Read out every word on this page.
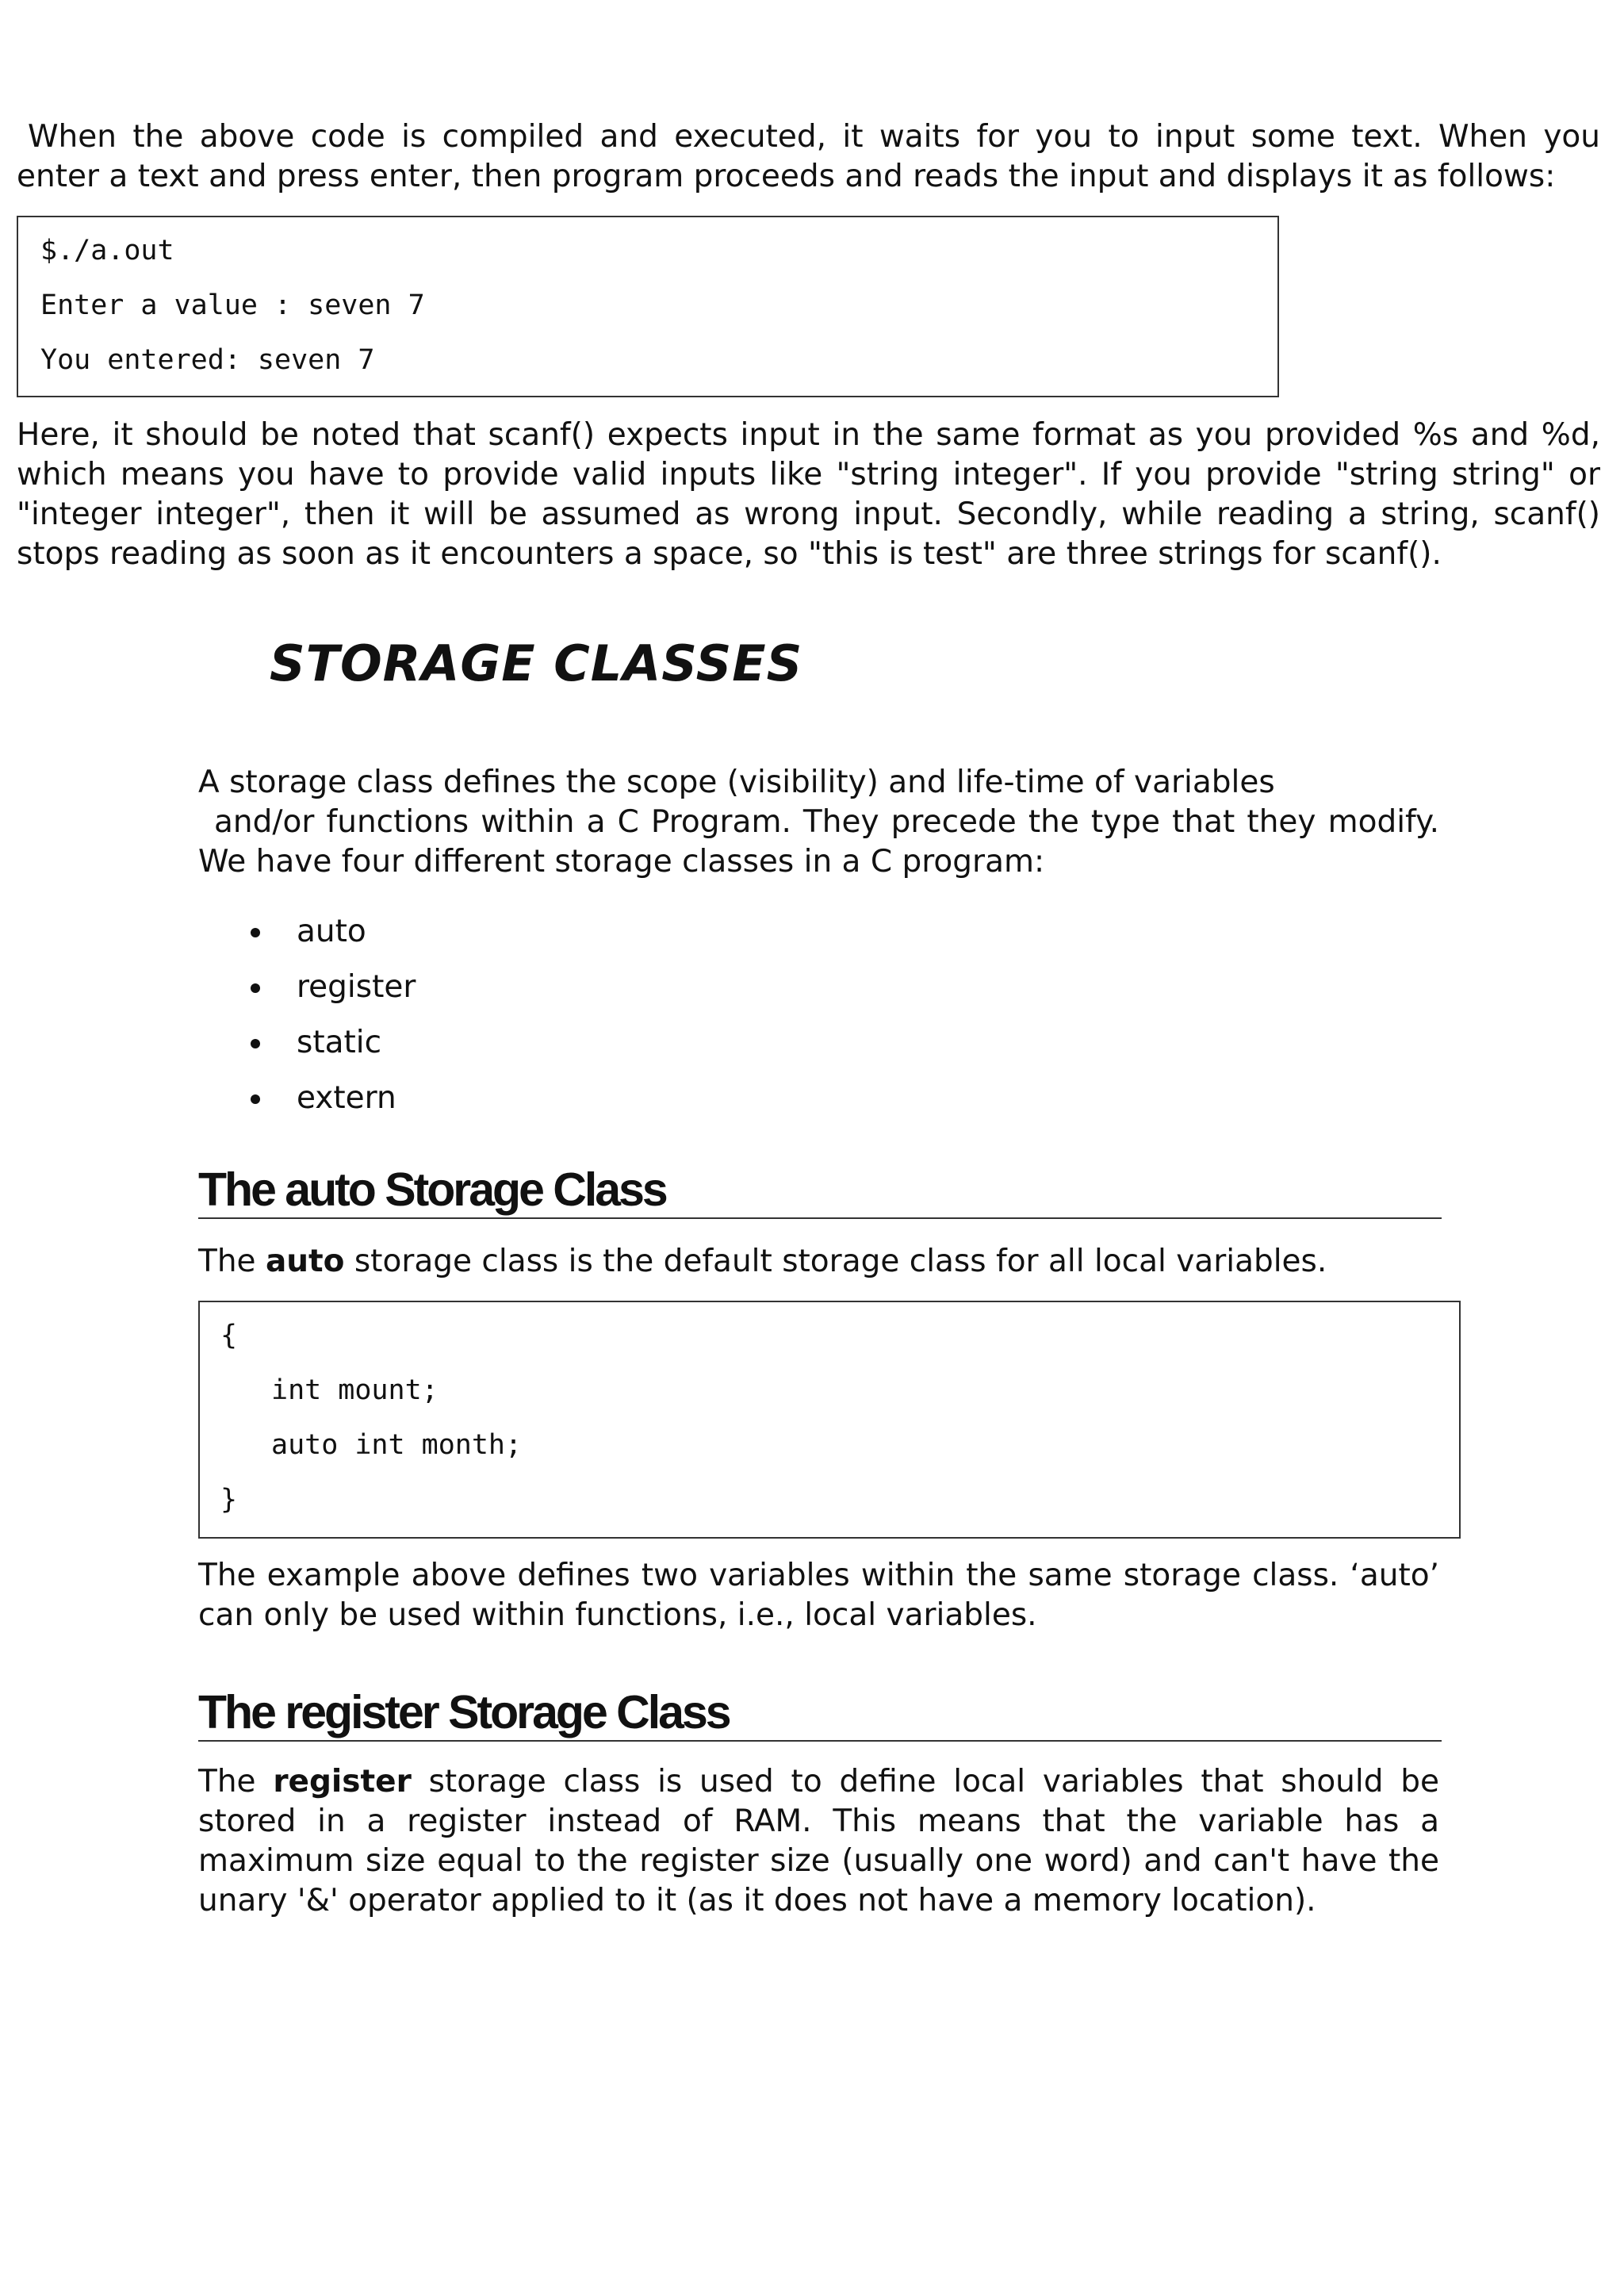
When the above code is compiled and executed, it waits for you to input some text. When you
enter a text and press enter, then program proceeds and reads the input and displays it as follows:

$./a.out
Enter a value : seven 7
You entered: seven 7

Here, it should be noted that scanf() expects input in the same format as you provided %s and %d, which means you have to provide valid inputs like "string integer". If you provide "string string" or "integer integer", then it will be assumed as wrong input. Secondly, while reading a string, scanf() stops reading as soon as it encounters a space, so "this is test" are three strings for scanf().

STORAGE CLASSES

A storage class defines the scope (visibility) and life-time of variables
and/or functions within a C Program. They precede the type that they modify.
We have four different storage classes in a C program:

auto
register
static
extern
The auto Storage Class

The auto storage class is the default storage class for all local variables.

{
int mount;
auto int month;
}

The example above defines two variables within the same storage class. ‘auto’ can only be used within functions, i.e., local variables.

The register Storage Class

The register storage class is used to define local variables that should be stored in a register instead of RAM. This means that the variable has a maximum size equal to the register size (usually one word) and can't have the unary '&' operator applied to it (as it does not have a memory location).
